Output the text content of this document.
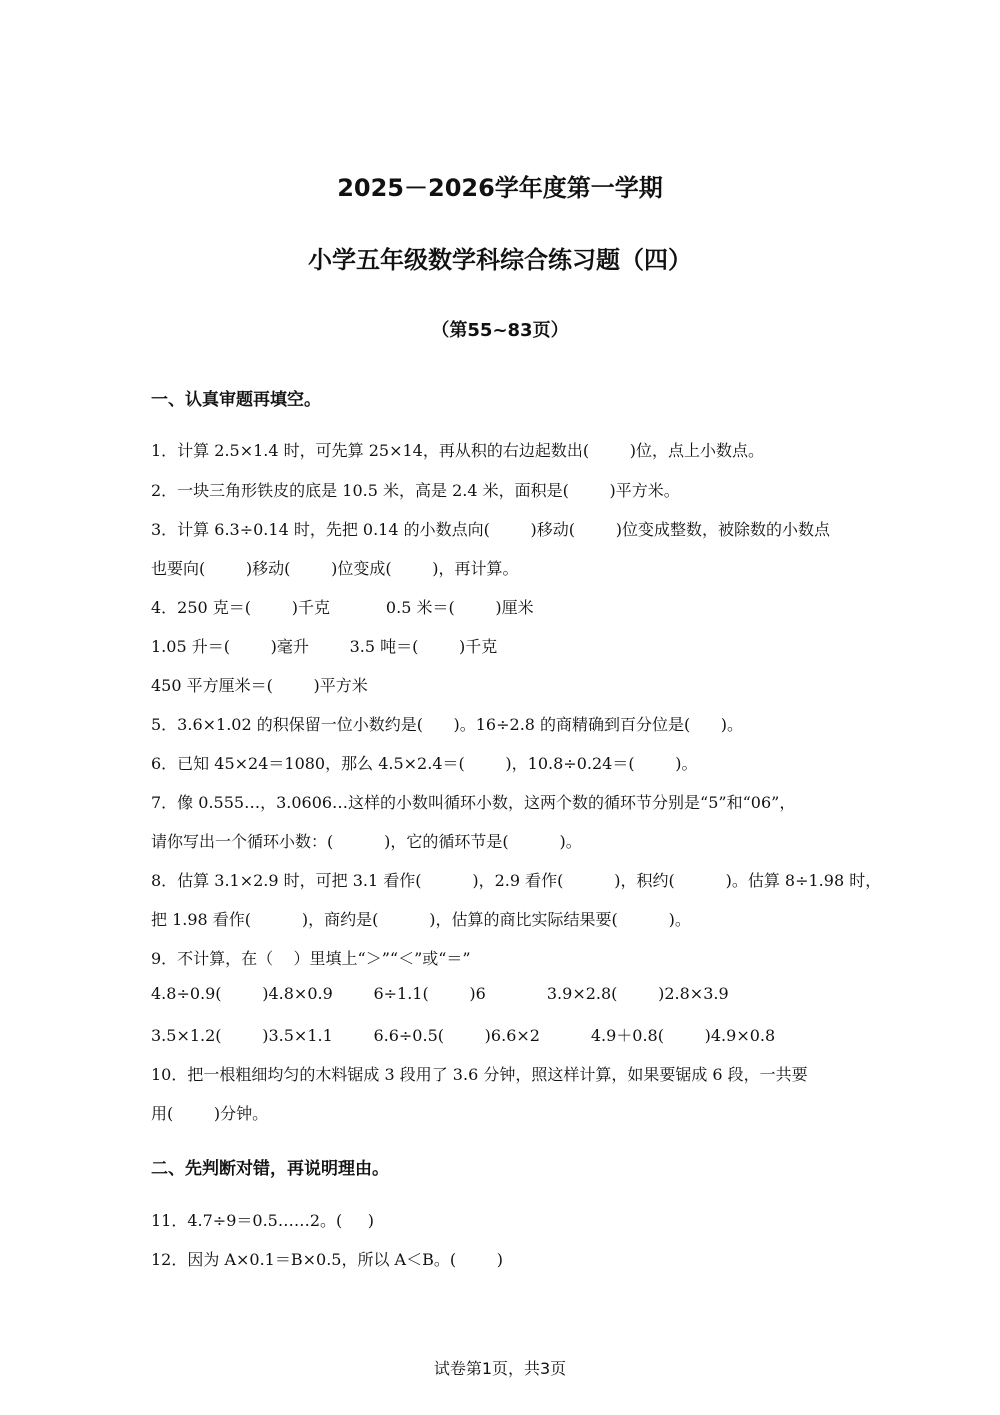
2025－2026学年度第一学期
小学五年级数学科综合练习题（四）
（第55~83页）
一、认真审题再填空。
1．计算 2.5×1.4 时，可先算 25×14，再从积的右边起数出(        )位，点上小数点。
2．一块三角形铁皮的底是 10.5 米，高是 2.4 米，面积是(        )平方米。
3．计算 6.3÷0.14 时，先把 0.14 的小数点向(        )移动(        )位变成整数，被除数的小数点
也要向(        )移动(        )位变成(        )，再计算。
4．250 克＝(        )千克           0.5 米＝(        )厘米
1.05 升＝(        )毫升        3.5 吨＝(        )千克
450 平方厘米＝(        )平方米
5．3.6×1.02 的积保留一位小数约是(      )。16÷2.8 的商精确到百分位是(      )。
6．已知 45×24＝1080，那么 4.5×2.4＝(        )，10.8÷0.24＝(        )。
7．像 0.555…，3.0606…这样的小数叫循环小数，这两个数的循环节分别是“5”和“06”，
请你写出一个循环小数：(          )，它的循环节是(          )。
8．估算 3.1×2.9 时，可把 3.1 看作(          )，2.9 看作(          )，积约(          )。估算 8÷1.98 时，
把 1.98 看作(          )，商约是(          )，估算的商比实际结果要(          )。
9．不计算，在（    ）里填上“＞”“＜”或“＝”
4.8÷0.9(        )4.8×0.9        6÷1.1(        )6            3.9×2.8(        )2.8×3.9
3.5×1.2(        )3.5×1.1        6.6÷0.5(        )6.6×2          4.9＋0.8(        )4.9×0.8
10．把一根粗细均匀的木料锯成 3 段用了 3.6 分钟，照这样计算，如果要锯成 6 段，一共要
用(        )分钟。
二、先判断对错，再说明理由。
11．4.7÷9＝0.5……2。(     )
12．因为 A×0.1＝B×0.5，所以 A＜B。(        )
试卷第1页，共3页
